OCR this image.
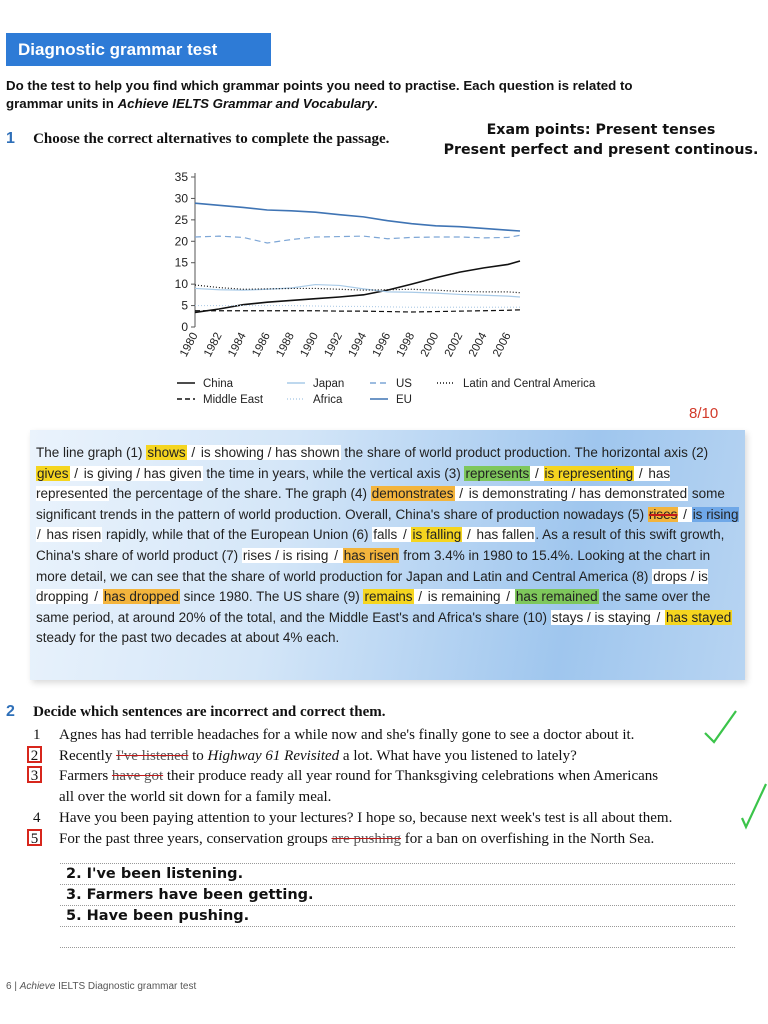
Diagnostic grammar test
Do the test to help you find which grammar points you need to practise. Each question is related to
grammar units in Achieve IELTS Grammar and Vocabulary.
1 Choose the correct alternatives to complete the passage.
Exam points: Present tenses
Present perfect and present continous.
0
5
10
15
20
25
30
35
1980 1982 1984 1986 1988 1990 1992 1994 1996 1998 2000 2002 2004 2006
China	Japan	US	Latin and Central America
Middle East	Africa	EU
8/10
The line graph (1) shows / is showing / has shown the share of world product production. The horizontal axis (2) gives / is giving / has given the time in years, while the vertical axis (3) represents / is representing / has represented the percentage of the share. The graph (4) demonstrates / is demonstrating / has demonstrated some significant trends in the pattern of world production. Overall, China's share of production nowadays (5) rises / is rising / has risen rapidly, while that of the European Union (6) falls / is falling / has fallen. As a result of this swift growth, China's share of world product (7) rises / is rising / has risen from 3.4% in 1980 to 15.4%. Looking at the chart in more detail, we can see that the share of world production for Japan and Latin and Central America (8) drops / is dropping / has dropped since 1980. The US share (9) remains / is remaining / has remained the same over the same period, at around 20% of the total, and the Middle East's and Africa's share (10) stays / is staying / has stayed steady for the past two decades at about 4% each.
2 Decide which sentences are incorrect and correct them.
1 Agnes has had terrible headaches for a while now and she's finally gone to see a doctor about it.
2 Recently I've listened to Highway 61 Revisited a lot. What have you listened to lately?
3 Farmers have got their produce ready all year round for Thanksgiving celebrations when Americans
all over the world sit down for a family meal.
4 Have you been paying attention to your lectures? I hope so, because next week's test is all about them.
5 For the past three years, conservation groups are pushing for a ban on overfishing in the North Sea.
2. I've been listening.
3. Farmers have been getting.
5. Have been pushing.
6 | Achieve IELTS Diagnostic grammar test
